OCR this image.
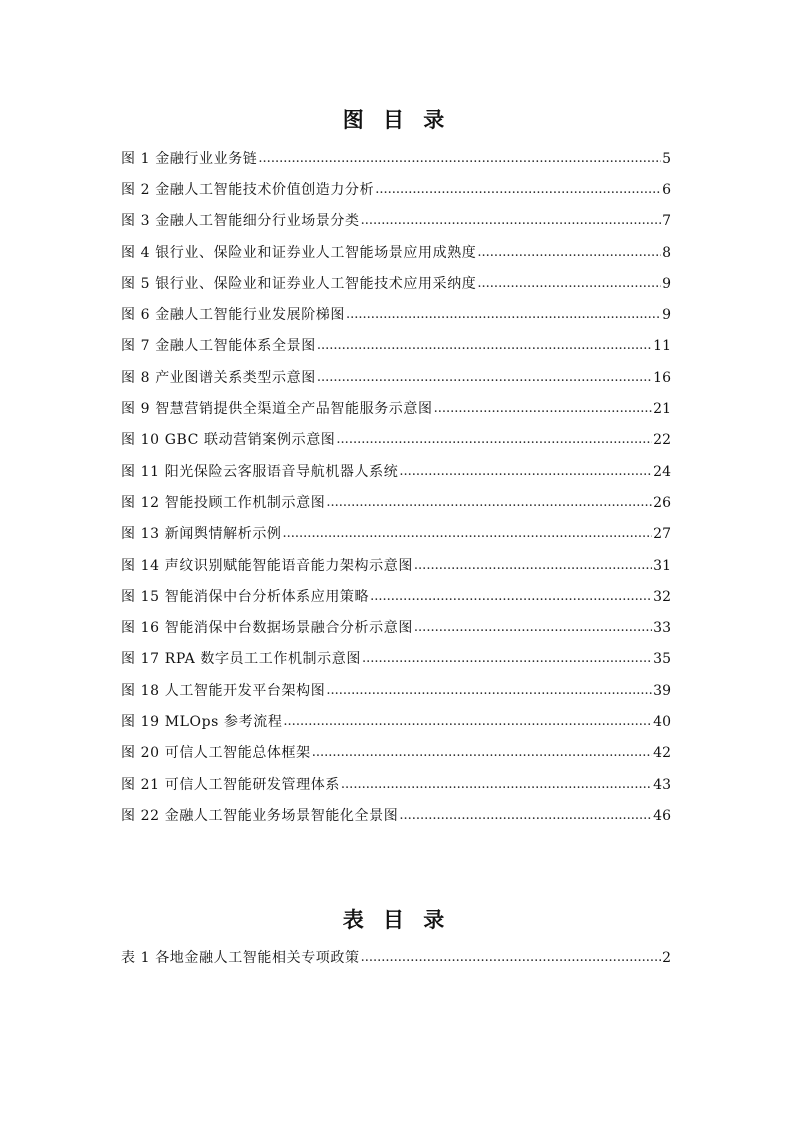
图 目 录
图 1 金融行业业务链 .....	5
图 2 金融人工智能技术价值创造力分析 .....	6
图 3 金融人工智能细分行业场景分类 .....	7
图 4 银行业、保险业和证券业人工智能场景应用成熟度 .....	8
图 5 银行业、保险业和证券业人工智能技术应用采纳度 .....	9
图 6 金融人工智能行业发展阶梯图 .....	9
图 7 金融人工智能体系全景图 .....	11
图 8 产业图谱关系类型示意图 .....	16
图 9 智慧营销提供全渠道全产品智能服务示意图 .....	21
图 10 GBC 联动营销案例示意图 .....	22
图 11 阳光保险云客服语音导航机器人系统 .....	24
图 12 智能投顾工作机制示意图 .....	26
图 13 新闻舆情解析示例 .....	27
图 14 声纹识别赋能智能语音能力架构示意图 .....	31
图 15 智能消保中台分析体系应用策略 .....	32
图 16 智能消保中台数据场景融合分析示意图 .....	33
图 17 RPA 数字员工工作机制示意图 .....	35
图 18 人工智能开发平台架构图 .....	39
图 19 MLOps 参考流程 .....	40
图 20 可信人工智能总体框架 .....	42
图 21 可信人工智能研发管理体系 .....	43
图 22 金融人工智能业务场景智能化全景图 .....	46
表 目 录
表 1 各地金融人工智能相关专项政策 .....	2
